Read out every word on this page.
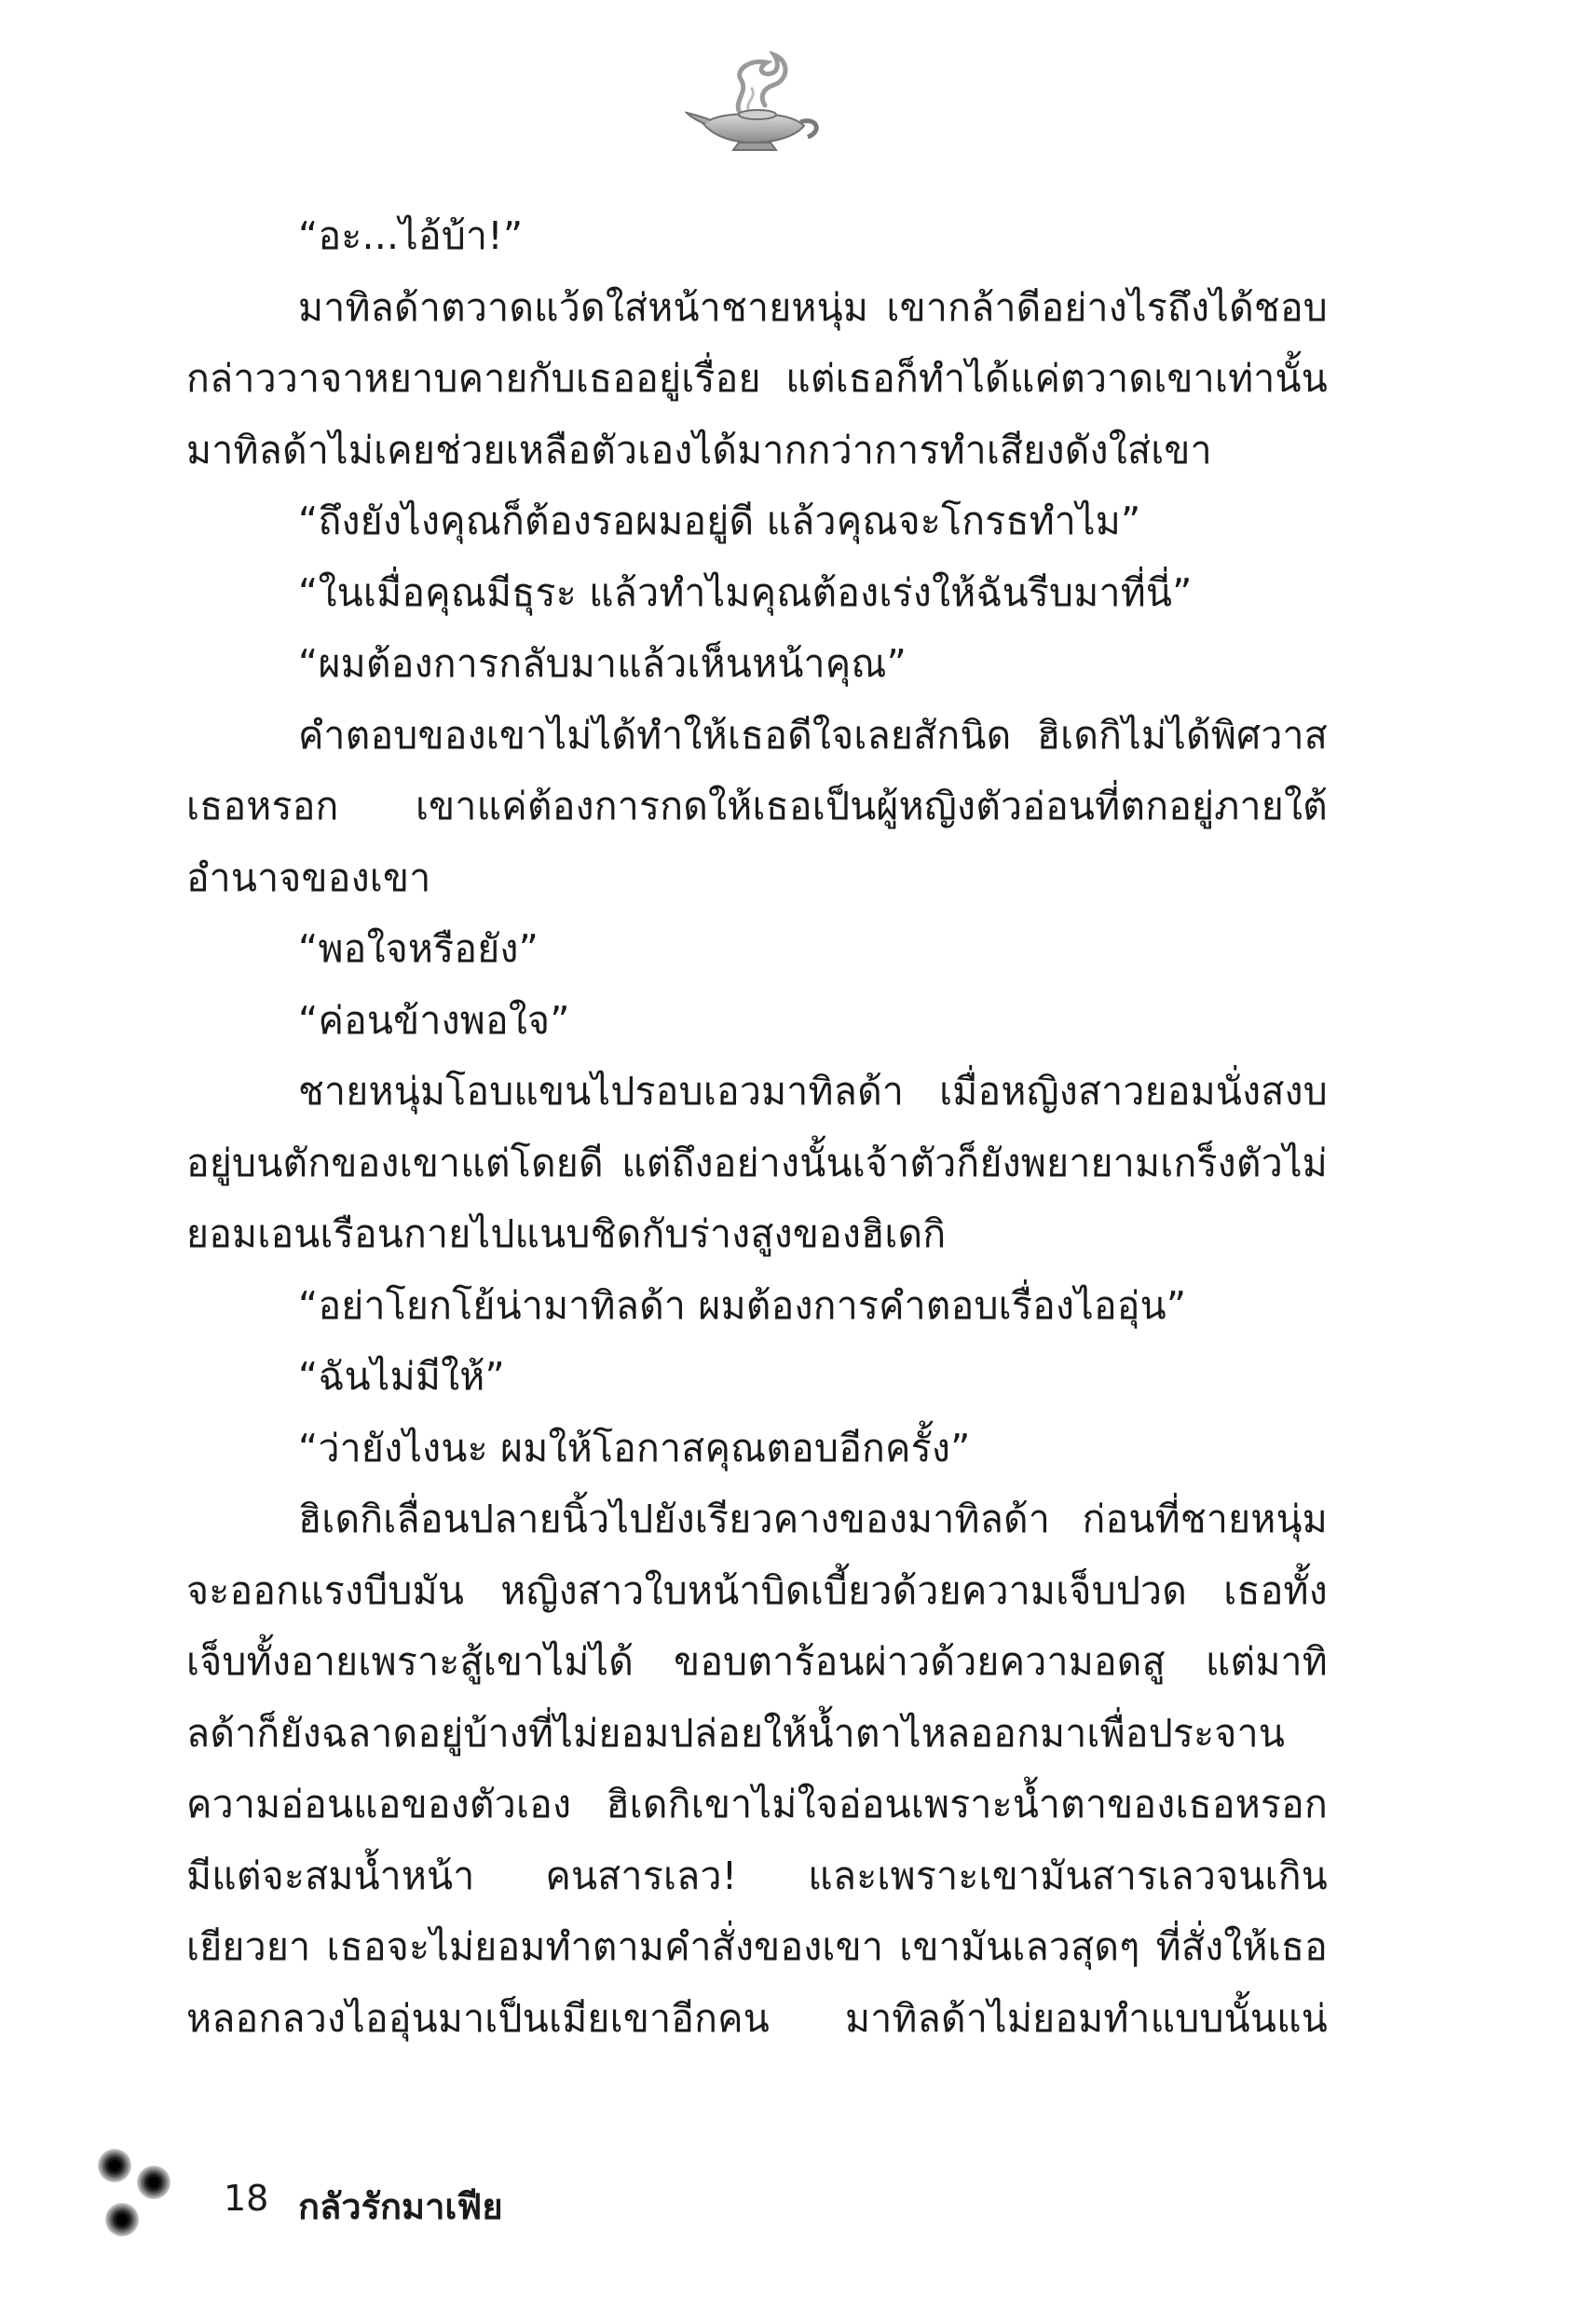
“อะ...ไอ้บ้า!”

มาทิลด้าตวาดแว้ดใส่หน้าชายหนุ่ม เขากล้าดีอย่างไรถึงได้ชอบกล่าววาจาหยาบคายกับเธออยู่เรื่อย แต่เธอก็ทำได้แค่ตวาดเขาเท่านั้น มาทิลด้าไม่เคยช่วยเหลือตัวเองได้มากกว่าการทำเสียงดังใส่เขา

“ถึงยังไงคุณก็ต้องรอผมอยู่ดี แล้วคุณจะโกรธทำไม”

“ในเมื่อคุณมีธุระ แล้วทำไมคุณต้องเร่งให้ฉันรีบมาที่นี่”

“ผมต้องการกลับมาแล้วเห็นหน้าคุณ”

คำตอบของเขาไม่ได้ทำให้เธอดีใจเลยสักนิด ฮิเดกิไม่ได้พิศวาสเธอหรอก เขาแค่ต้องการกดให้เธอเป็นผู้หญิงตัวอ่อนที่ตกอยู่ภายใต้อำนาจของเขา

“พอใจหรือยัง”

“ค่อนข้างพอใจ”

ชายหนุ่มโอบแขนไปรอบเอวมาทิลด้า เมื่อหญิงสาวยอมนั่งสงบอยู่บนตักของเขาแต่โดยดี แต่ถึงอย่างนั้นเจ้าตัวก็ยังพยายามเกร็งตัวไม่ยอมเอนเรือนกายไปแนบชิดกับร่างสูงของฮิเดกิ

“อย่าโยกโย้น่ามาทิลด้า ผมต้องการคำตอบเรื่องไออุ่น”

“ฉันไม่มีให้”

“ว่ายังไงนะ ผมให้โอกาสคุณตอบอีกครั้ง”

ฮิเดกิเลื่อนปลายนิ้วไปยังเรียวคางของมาทิลด้า ก่อนที่ชายหนุ่มจะออกแรงบีบมัน หญิงสาวใบหน้าบิดเบี้ยวด้วยความเจ็บปวด เธอทั้งเจ็บทั้งอายเพราะสู้เขาไม่ได้ ขอบตาร้อนผ่าวด้วยความอดสู แต่มาทิลด้าก็ยังฉลาดอยู่บ้างที่ไม่ยอมปล่อยให้น้ำตาไหลออกมาเพื่อประจานความอ่อนแอของตัวเอง ฮิเดกิเขาไม่ใจอ่อนเพราะน้ำตาของเธอหรอก มีแต่จะสมน้ำหน้า คนสารเลว! และเพราะเขามันสารเลวจนเกินเยียวยา เธอจะไม่ยอมทำตามคำสั่งของเขา เขามันเลวสุดๆ ที่สั่งให้เธอหลอกลวงไออุ่นมาเป็นเมียเขาอีกคน มาทิลด้าไม่ยอมทำแบบนั้นแน่

18 กลัวรักมาเฟีย
